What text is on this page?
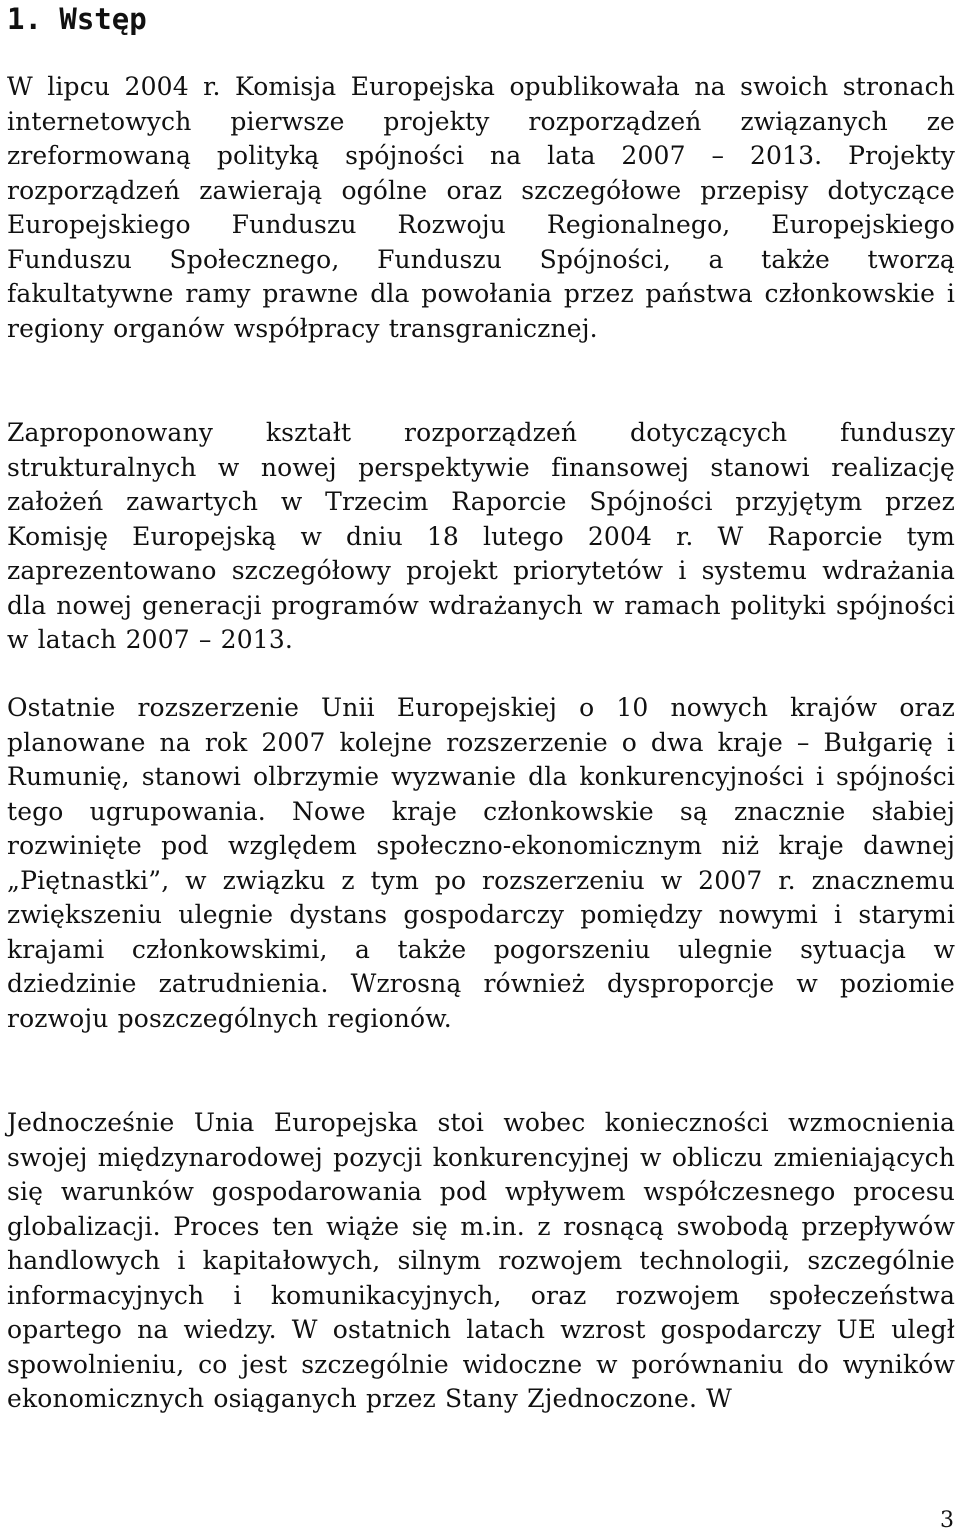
1. Wstęp

W lipcu 2004 r. Komisja Europejska opublikowała na swoich stronach internetowych pierwsze projekty rozporządzeń związanych ze zreformowaną polityką spójności na lata 2007 – 2013. Projekty rozporządzeń zawierają ogólne oraz szczegółowe przepisy dotyczące Europejskiego Funduszu Rozwoju Regionalnego, Europejskiego Funduszu Społecznego, Funduszu Spójności, a także tworzą fakultatywne ramy prawne dla powołania przez państwa członkowskie i regiony organów współpracy transgranicznej.

Zaproponowany kształt rozporządzeń dotyczących funduszy strukturalnych w nowej perspektywie finansowej stanowi realizację założeń zawartych w Trzecim Raporcie Spójności przyjętym przez Komisję Europejską w dniu 18 lutego 2004 r. W Raporcie tym zaprezentowano szczegółowy projekt priorytetów i systemu wdrażania dla nowej generacji programów wdrażanych w ramach polityki spójności w latach 2007 – 2013.

Ostatnie rozszerzenie Unii Europejskiej o 10 nowych krajów oraz planowane na rok 2007 kolejne rozszerzenie o dwa kraje – Bułgarię i Rumunię, stanowi olbrzymie wyzwanie dla konkurencyjności i spójności tego ugrupowania. Nowe kraje członkowskie są znacznie słabiej rozwinięte pod względem społeczno-ekonomicznym niż kraje dawnej „Piętnastki”, w związku z tym po rozszerzeniu w 2007 r. znacznemu zwiększeniu ulegnie dystans gospodarczy pomiędzy nowymi i starymi krajami członkowskimi, a także pogorszeniu ulegnie sytuacja w dziedzinie zatrudnienia. Wzrosną również dysproporcje w poziomie rozwoju poszczególnych regionów.

Jednocześnie Unia Europejska stoi wobec konieczności wzmocnienia swojej międzynarodowej pozycji konkurencyjnej w obliczu zmieniających się warunków gospodarowania pod wpływem współczesnego procesu globalizacji. Proces ten wiąże się m.in. z rosnącą swobodą przepływów handlowych i kapitałowych, silnym rozwojem technologii, szczególnie informacyjnych i komunikacyjnych, oraz rozwojem społeczeństwa opartego na wiedzy. W ostatnich latach wzrost gospodarczy UE uległ spowolnieniu, co jest szczególnie widoczne w porównaniu do wyników ekonomicznych osiąganych przez Stany Zjednoczone. W

3
